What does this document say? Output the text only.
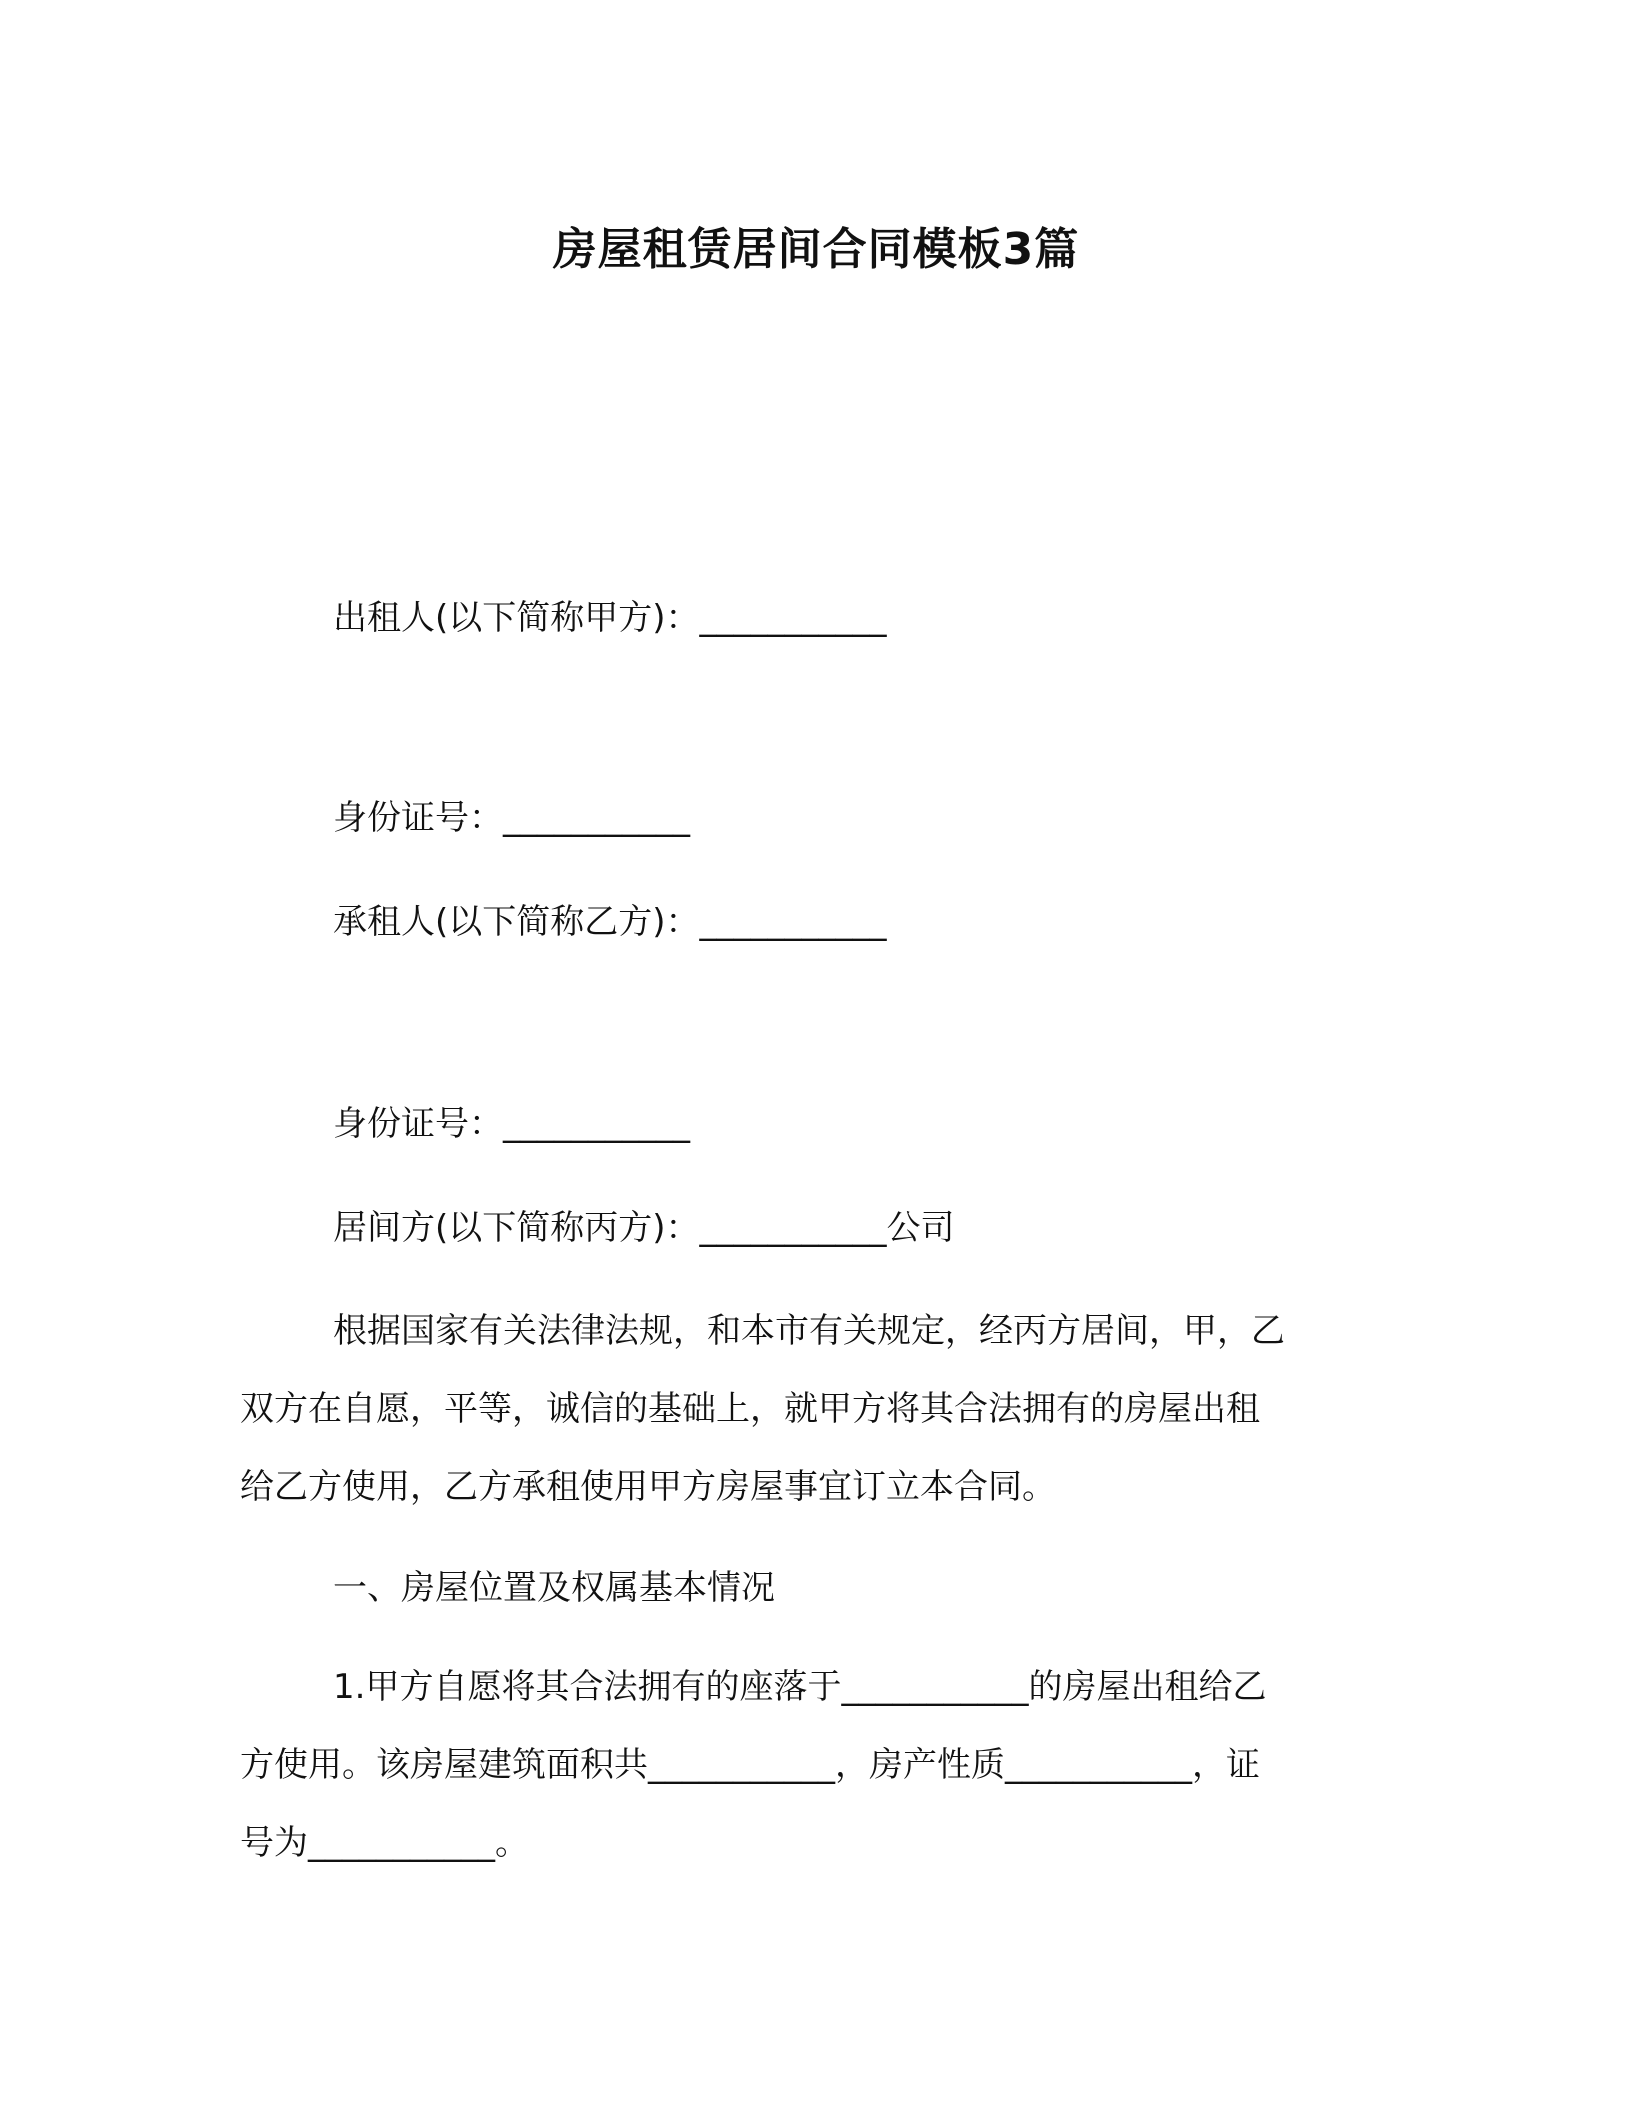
房屋租赁居间合同模板3篇
出租人(以下简称甲方)：___________
身份证号：___________
承租人(以下简称乙方)：___________
身份证号：___________
居间方(以下简称丙方)：___________公司
根据国家有关法律法规，和本市有关规定，经丙方居间，甲，乙
双方在自愿，平等，诚信的基础上，就甲方将其合法拥有的房屋出租
给乙方使用，乙方承租使用甲方房屋事宜订立本合同。
一、房屋位置及权属基本情况
1.甲方自愿将其合法拥有的座落于___________的房屋出租给乙
方使用。该房屋建筑面积共___________，房产性质___________，证
号为___________。
